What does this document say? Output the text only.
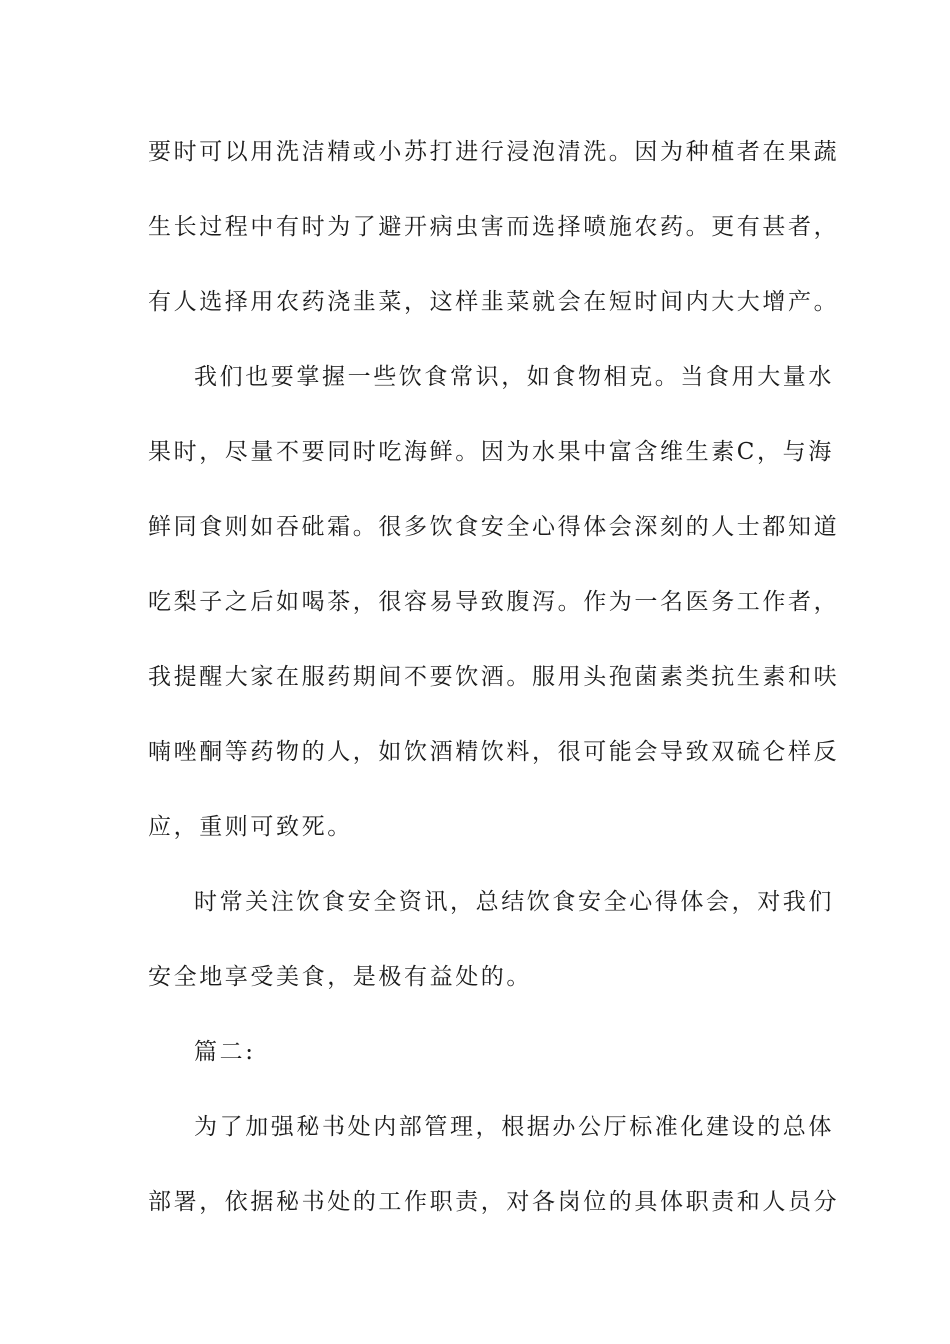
要时可以用洗洁精或小苏打进行浸泡清洗。因为种植者在果蔬
生长过程中有时为了避开病虫害而选择喷施农药。更有甚者，
有人选择用农药浇韭菜，这样韭菜就会在短时间内大大增产。
我们也要掌握一些饮食常识，如食物相克。当食用大量水
果时，尽量不要同时吃海鲜。因为水果中富含维生素C，与海
鲜同食则如吞砒霜。很多饮食安全心得体会深刻的人士都知道
吃梨子之后如喝茶，很容易导致腹泻。作为一名医务工作者，
我提醒大家在服药期间不要饮酒。服用头孢菌素类抗生素和呋
喃唑酮等药物的人，如饮酒精饮料，很可能会导致双硫仑样反
应，重则可致死。
时常关注饮食安全资讯，总结饮食安全心得体会，对我们
安全地享受美食，是极有益处的。
篇二:
为了加强秘书处内部管理，根据办公厅标准化建设的总体
部署，依据秘书处的工作职责，对各岗位的具体职责和人员分
